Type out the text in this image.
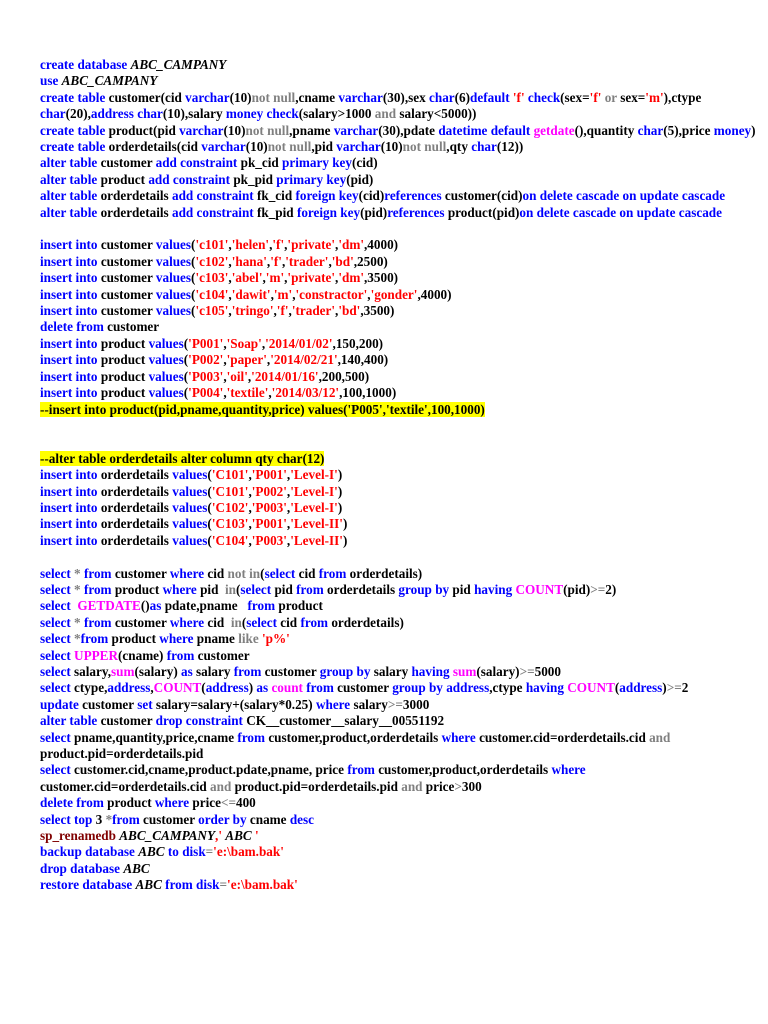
create database ABC_CAMPANY
use ABC_CAMPANY
create table customer(cid varchar(10)not null,cname varchar(30),sex char(6)default 'f' check(sex='f' or sex='m'),ctype char(20),address char(10),salary money check(salary>1000 and salary<5000))
create table product(pid varchar(10)not null,pname varchar(30),pdate datetime default getdate(),quantity char(5),price money)
create table orderdetails(cid varchar(10)not null,pid varchar(10)not null,qty char(12))
alter table customer add constraint pk_cid primary key(cid)
alter table product add constraint pk_pid primary key(pid)
alter table orderdetails add constraint fk_cid foreign key(cid)references customer(cid)on delete cascade on update cascade
alter table orderdetails add constraint fk_pid foreign key(pid)references product(pid)on delete cascade on update cascade
insert into customer values('c101','helen','f','private','dm',4000)
insert into customer values('c102','hana','f','trader','bd',2500)
insert into customer values('c103','abel','m','private','dm',3500)
insert into customer values('c104','dawit','m','constractor','gonder',4000)
insert into customer values('c105','tringo','f','trader','bd',3500)
delete from customer
insert into product values('P001','Soap','2014/01/02',150,200)
insert into product values('P002','paper','2014/02/21',140,400)
insert into product values('P003','oil','2014/01/16',200,500)
insert into product values('P004','textile','2014/03/12',100,1000)
--insert into product(pid,pname,quantity,price) values('P005','textile',100,1000)
--alter table orderdetails alter column qty char(12)
insert into orderdetails values('C101','P001','Level-I')
insert into orderdetails values('C101','P002','Level-I')
insert into orderdetails values('C102','P003','Level-I')
insert into orderdetails values('C103','P001','Level-II')
insert into orderdetails values('C104','P003','Level-II')
select * from customer where cid not in(select cid from orderdetails)
select * from product where pid  in(select pid from orderdetails group by pid having COUNT(pid)>=2)
select  GETDATE()as pdate,pname   from product
select * from customer where cid  in(select cid from orderdetails)
select *from product where pname like 'p%'
select UPPER(cname) from customer
select salary,sum(salary) as salary from customer group by salary having sum(salary)>=5000
select ctype,address,COUNT(address) as count from customer group by address,ctype having COUNT(address)>=2
update customer set salary=salary+(salary*0.25) where salary>=3000
alter table customer drop constraint CK__customer__salary__00551192
select pname,quantity,price,cname from customer,product,orderdetails where customer.cid=orderdetails.cid and
product.pid=orderdetails.pid
select customer.cid,cname,product.pdate,pname, price from customer,product,orderdetails where
customer.cid=orderdetails.cid and product.pid=orderdetails.pid and price>300
delete from product where price<=400
select top 3 *from customer order by cname desc
sp_renamedb ABC_CAMPANY,' ABC '
backup database ABC to disk='e:\bam.bak'
drop database ABC
restore database ABC from disk='e:\bam.bak'
